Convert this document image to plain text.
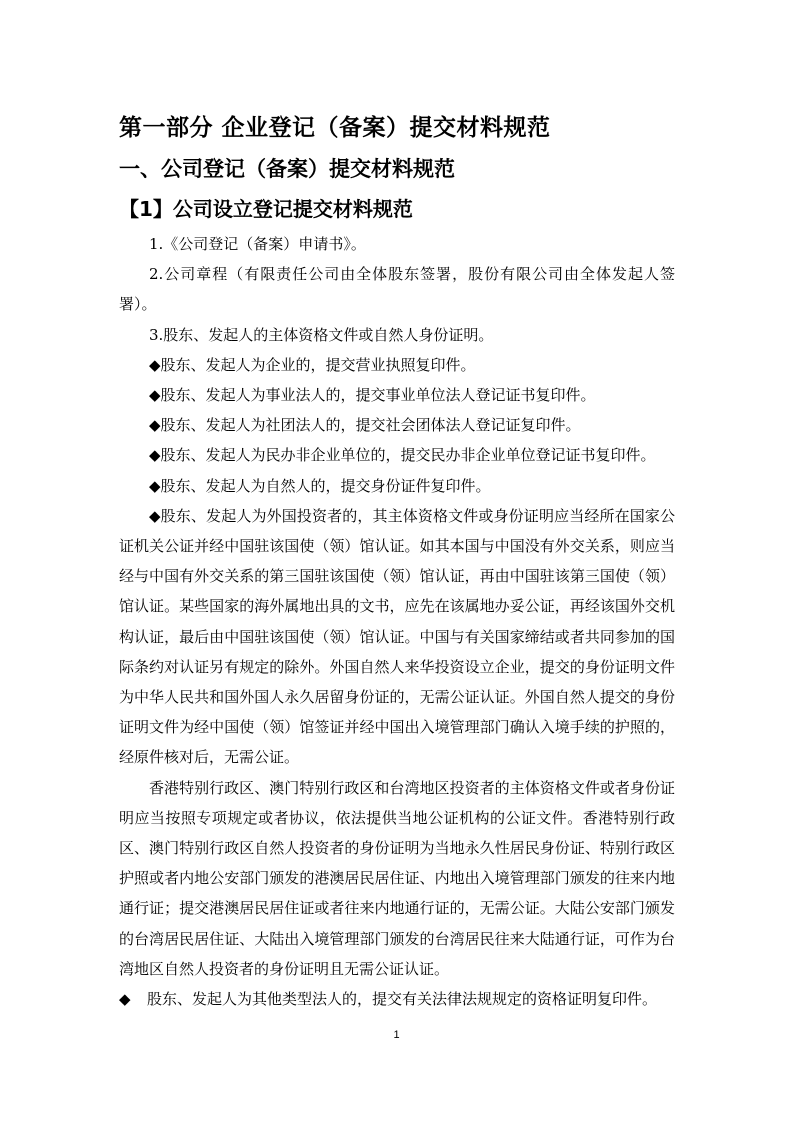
第一部分 企业登记（备案）提交材料规范
一、公司登记（备案）提交材料规范
【1】公司设立登记提交材料规范

1.《公司登记（备案）申请书》。

2.公司章程（有限责任公司由全体股东签署，股份有限公司由全体发起人签署）。

3.股东、发起人的主体资格文件或自然人身份证明。

◆股东、发起人为企业的，提交营业执照复印件。

◆股东、发起人为事业法人的，提交事业单位法人登记证书复印件。

◆股东、发起人为社团法人的，提交社会团体法人登记证复印件。

◆股东、发起人为民办非企业单位的，提交民办非企业单位登记证书复印件。

◆股东、发起人为自然人的，提交身份证件复印件。

◆股东、发起人为外国投资者的，其主体资格文件或身份证明应当经所在国家公证机关公证并经中国驻该国使（领）馆认证。如其本国与中国没有外交关系，则应当经与中国有外交关系的第三国驻该国使（领）馆认证，再由中国驻该第三国使（领）馆认证。某些国家的海外属地出具的文书，应先在该属地办妥公证，再经该国外交机构认证，最后由中国驻该国使（领）馆认证。中国与有关国家缔结或者共同参加的国际条约对认证另有规定的除外。外国自然人来华投资设立企业，提交的身份证明文件为中华人民共和国外国人永久居留身份证的，无需公证认证。外国自然人提交的身份证明文件为经中国使（领）馆签证并经中国出入境管理部门确认入境手续的护照的，经原件核对后，无需公证。

香港特别行政区、澳门特别行政区和台湾地区投资者的主体资格文件或者身份证明应当按照专项规定或者协议，依法提供当地公证机构的公证文件。香港特别行政区、澳门特别行政区自然人投资者的身份证明为当地永久性居民身份证、特别行政区护照或者内地公安部门颁发的港澳居民居住证、内地出入境管理部门颁发的往来内地通行证；提交港澳居民居住证或者往来内地通行证的，无需公证。大陆公安部门颁发的台湾居民居住证、大陆出入境管理部门颁发的台湾居民往来大陆通行证，可作为台湾地区自然人投资者的身份证明且无需公证认证。

◆ 股东、发起人为其他类型法人的，提交有关法律法规规定的资格证明复印件。

1
